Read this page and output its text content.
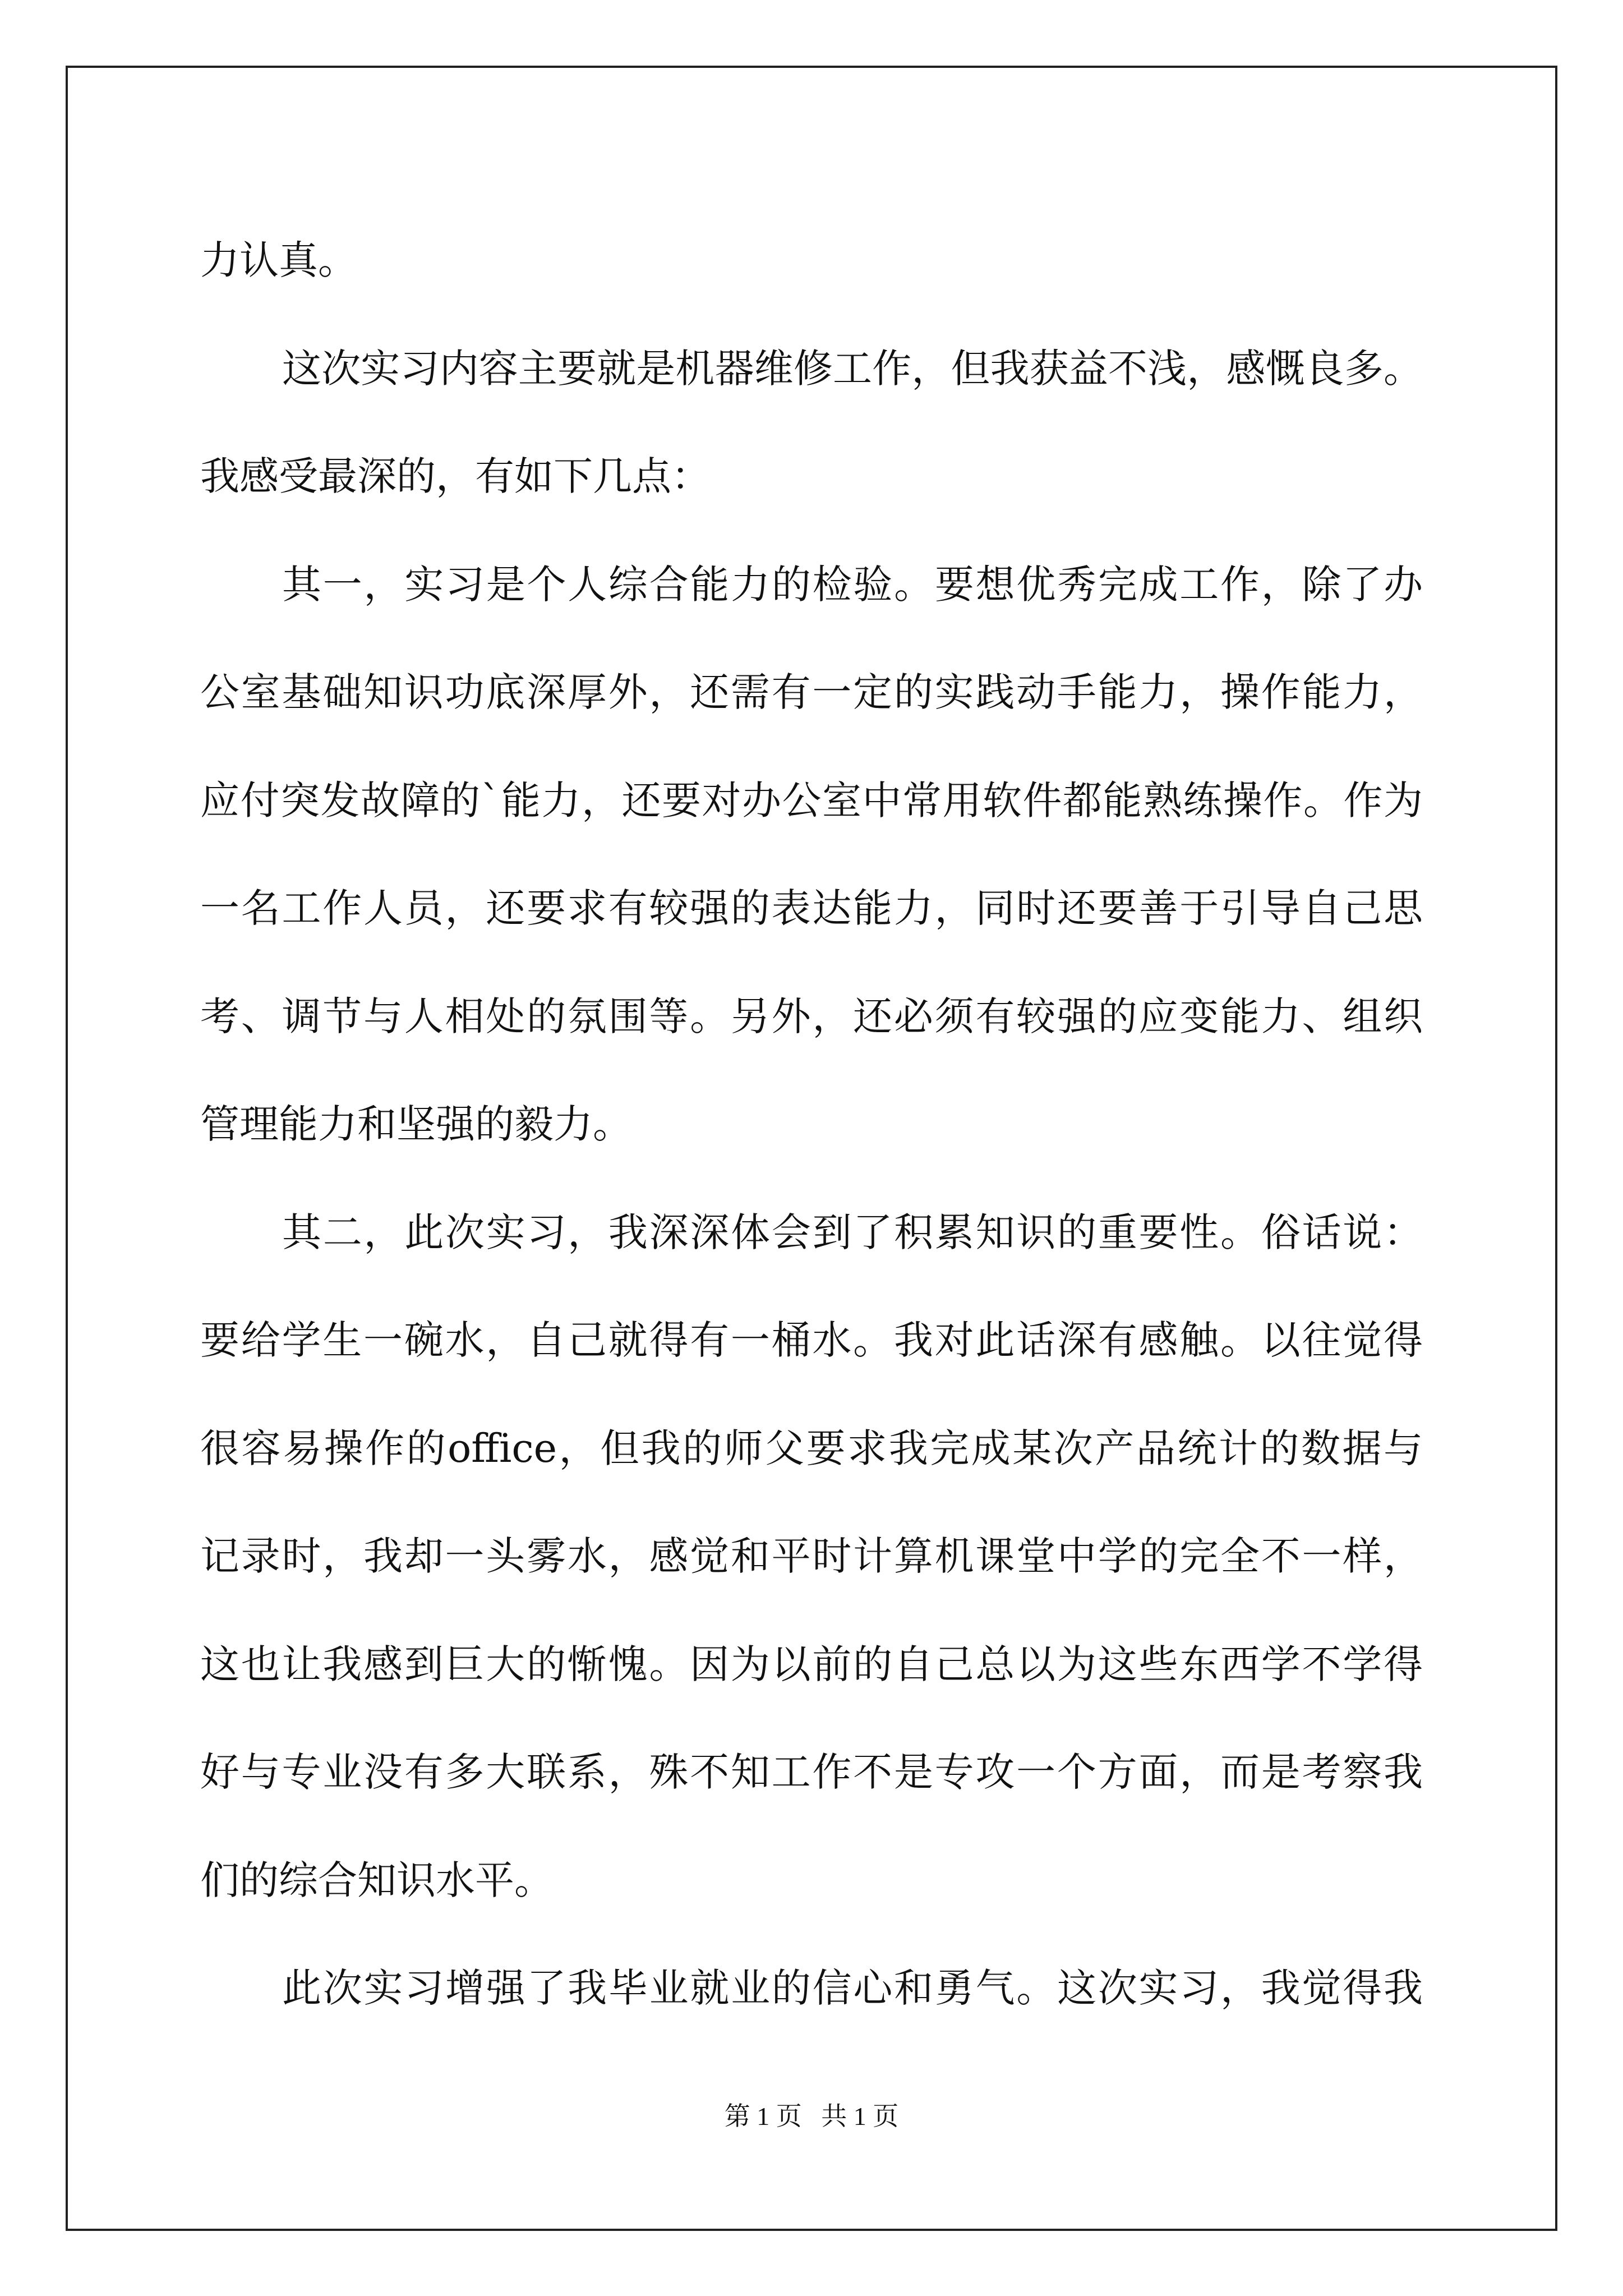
力认真。
这次实习内容主要就是机器维修工作，但我获益不浅，感慨良多。
我感受最深的，有如下几点：
其一，实习是个人综合能力的检验。要想优秀完成工作，除了办
公室基础知识功底深厚外，还需有一定的实践动手能力，操作能力，
应付突发故障的`能力，还要对办公室中常用软件都能熟练操作。作为
一名工作人员，还要求有较强的表达能力，同时还要善于引导自己思
考、调节与人相处的氛围等。另外，还必须有较强的应变能力、组织
管理能力和坚强的毅力。
其二，此次实习，我深深体会到了积累知识的重要性。俗话说：
要给学生一碗水，自己就得有一桶水。我对此话深有感触。以往觉得
很容易操作的office，但我的师父要求我完成某次产品统计的数据与
记录时，我却一头雾水，感觉和平时计算机课堂中学的完全不一样，
这也让我感到巨大的惭愧。因为以前的自己总以为这些东西学不学得
好与专业没有多大联系，殊不知工作不是专攻一个方面，而是考察我
们的综合知识水平。
此次实习增强了我毕业就业的信心和勇气。这次实习，我觉得我
第 1 页 共 1 页
